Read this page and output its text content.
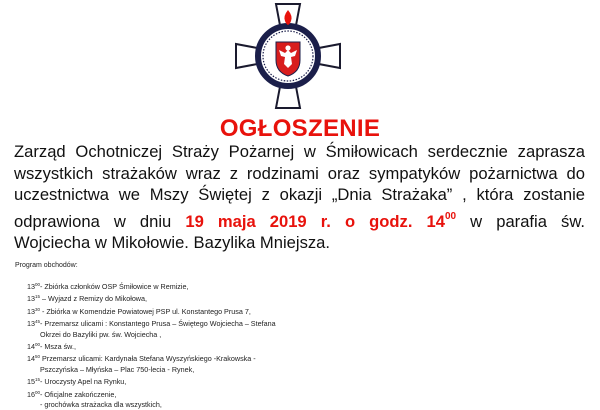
OGŁOSZENIE
Zarząd Ochotniczej Straży Pożarnej w Śmiłowicach serdecznie zaprasza
wszystkich strażaków wraz z rodzinami oraz sympatyków pożarnictwa do
uczestnictwa we Mszy Świętej z okazji „Dnia Strażaka” , która zostanie
odprawiona w dniu 19 maja 2019 r. o godz. $14^{00}$ w parafia św.
Wojciecha w Mikołowie. Bazylika Mniejsza.
Program obchodów:
$13^{00}-$ Zbiórka członków OSP Śmiłowice w Remizie,
$13^{15}$ – Wyjazd z Remizy do Mikołowa,
$13^{30}$ - Zbiórka w Komendzie Powiatowej PSP ul. Konstantego Prusa 7,
$13^{45}-$ Przemarsz ulicami : Konstantego Prusa – Świętego Wojciecha – Stefana
Okrzei do Bazyliki pw. św. Wojciecha ,
$14^{00}-$ Msza św.,
$14^{50}$ Przemarsz ulicami: Kardynała Stefana Wyszyńskiego -Krakowska -
Pszczyńska – Młyńska – Plac 750-lecia - Rynek,
$15^{15}-$ Uroczysty Apel na Rynku,
$16^{00}-$ Oficjalne zakończenie,
- grochówka strażacka dla wszystkich,
